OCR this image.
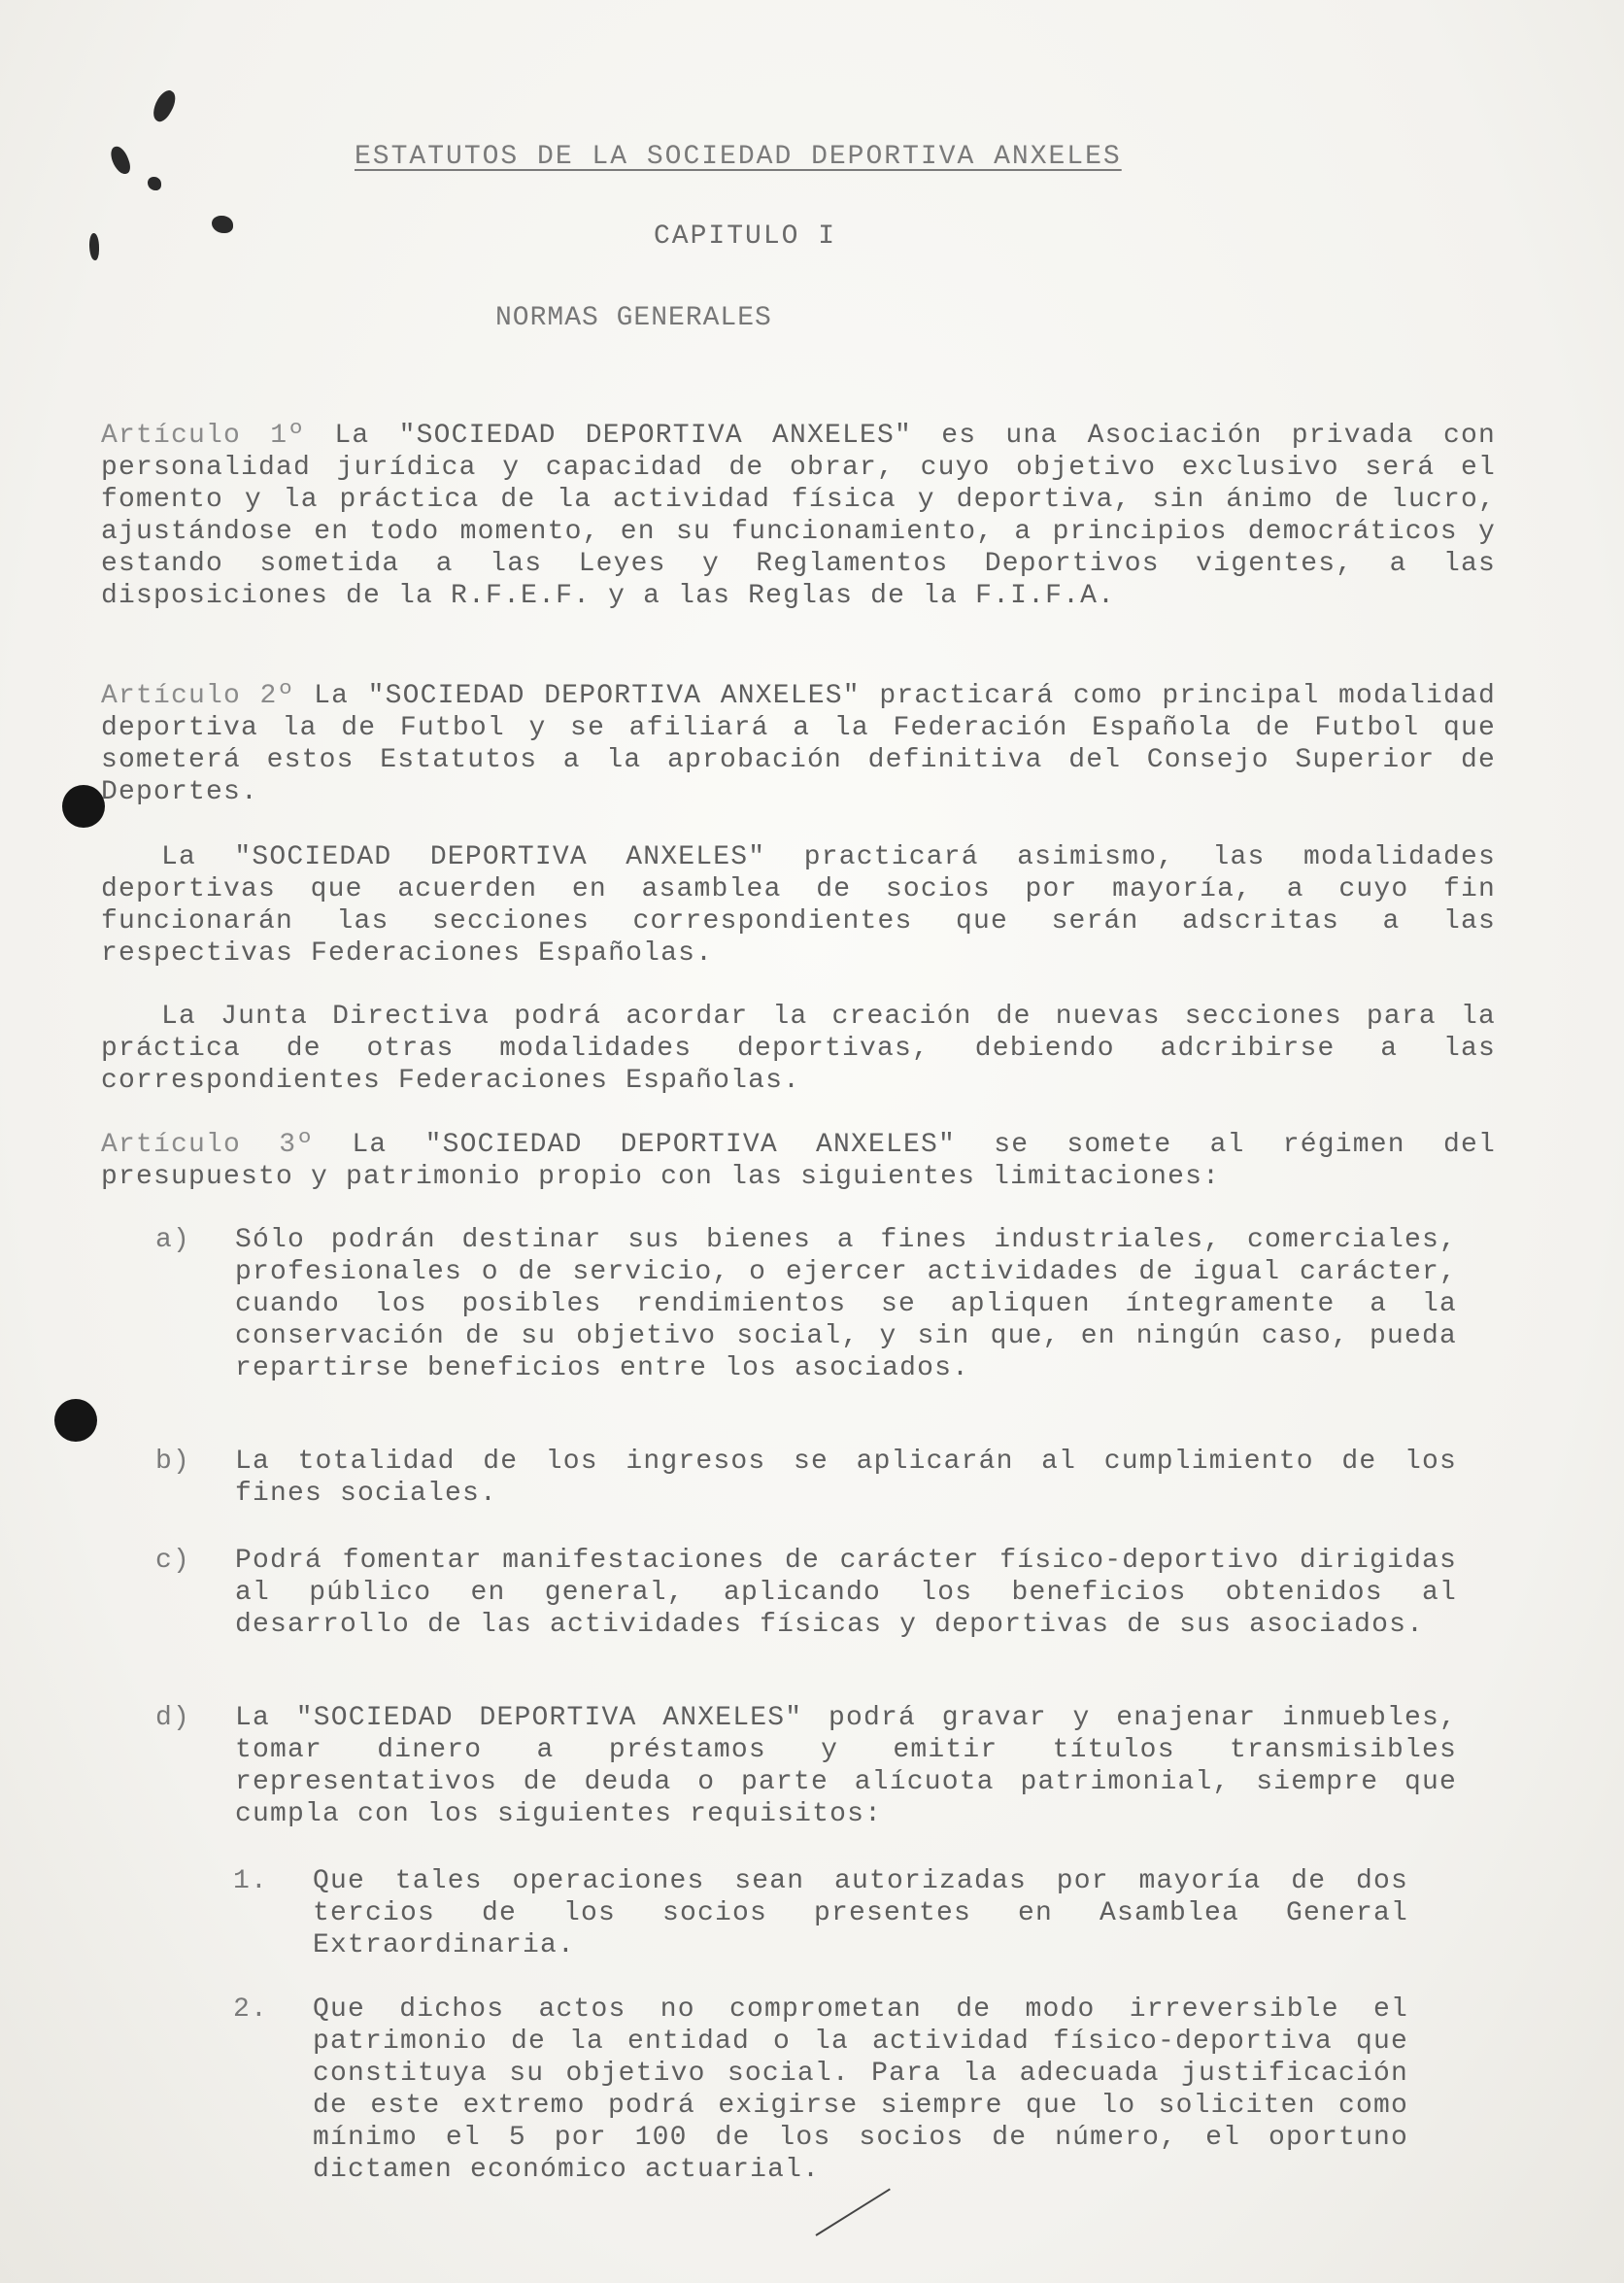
ESTATUTOS DE LA SOCIEDAD DEPORTIVA ANXELES
CAPITULO I
NORMAS GENERALES

Artículo 1º La "SOCIEDAD DEPORTIVA ANXELES" es una Asociación privada con personalidad jurídica y capacidad de obrar, cuyo objetivo exclusivo será el fomento y la práctica de la actividad física y deportiva, sin ánimo de lucro, ajustándose en todo momento, en su funcionamiento, a principios democráticos y estando sometida a las Leyes y Reglamentos Deportivos vigentes, a las disposiciones de la R.F.E.F. y a las Reglas de la F.I.F.A.

Artículo 2º La "SOCIEDAD DEPORTIVA ANXELES" practicará como principal modalidad deportiva la de Futbol y se afiliará a la Federación Española de Futbol que someterá estos Estatutos a la aprobación definitiva del Consejo Superior de Deportes.

La "SOCIEDAD DEPORTIVA ANXELES" practicará asimismo, las modalidades deportivas que acuerden en asamblea de socios por mayoría, a cuyo fin funcionarán las secciones correspondientes que serán adscritas a las respectivas Federaciones Españolas.

La Junta Directiva podrá acordar la creación de nuevas secciones para la práctica de otras modalidades deportivas, debiendo adcribirse a las correspondientes Federaciones Españolas.

Artículo 3º La "SOCIEDAD DEPORTIVA ANXELES" se somete al régimen del presupuesto y patrimonio propio con las siguientes limitaciones:

a)	Sólo podrán destinar sus bienes a fines industriales, comerciales, profesionales o de servicio, o ejercer actividades de igual carácter, cuando los posibles rendimientos se apliquen íntegramente a la conservación de su objetivo social, y sin que, en ningún caso, pueda repartirse beneficios entre los asociados.
b)	La totalidad de los ingresos se aplicarán al cumplimiento de los fines sociales.
c)	Podrá fomentar manifestaciones de carácter físico-deportivo dirigidas al público en general, aplicando los beneficios obtenidos al desarrollo de las actividades físicas y deportivas de sus asociados.
d)	La "SOCIEDAD DEPORTIVA ANXELES" podrá gravar y enajenar inmuebles, tomar dinero a préstamos y emitir títulos transmisibles representativos de deuda o parte alícuota patrimonial, siempre que cumpla con los siguientes requisitos:
1.	Que tales operaciones sean autorizadas por mayoría de dos tercios de los socios presentes en Asamblea General Extraordinaria.
2.	Que dichos actos no comprometan de modo irreversible el patrimonio de la entidad o la actividad físico-deportiva que constituya su objetivo social. Para la adecuada justificación de este extremo podrá exigirse siempre que lo soliciten como mínimo el 5 por 100 de los socios de número, el oportuno dictamen económico actuarial.
